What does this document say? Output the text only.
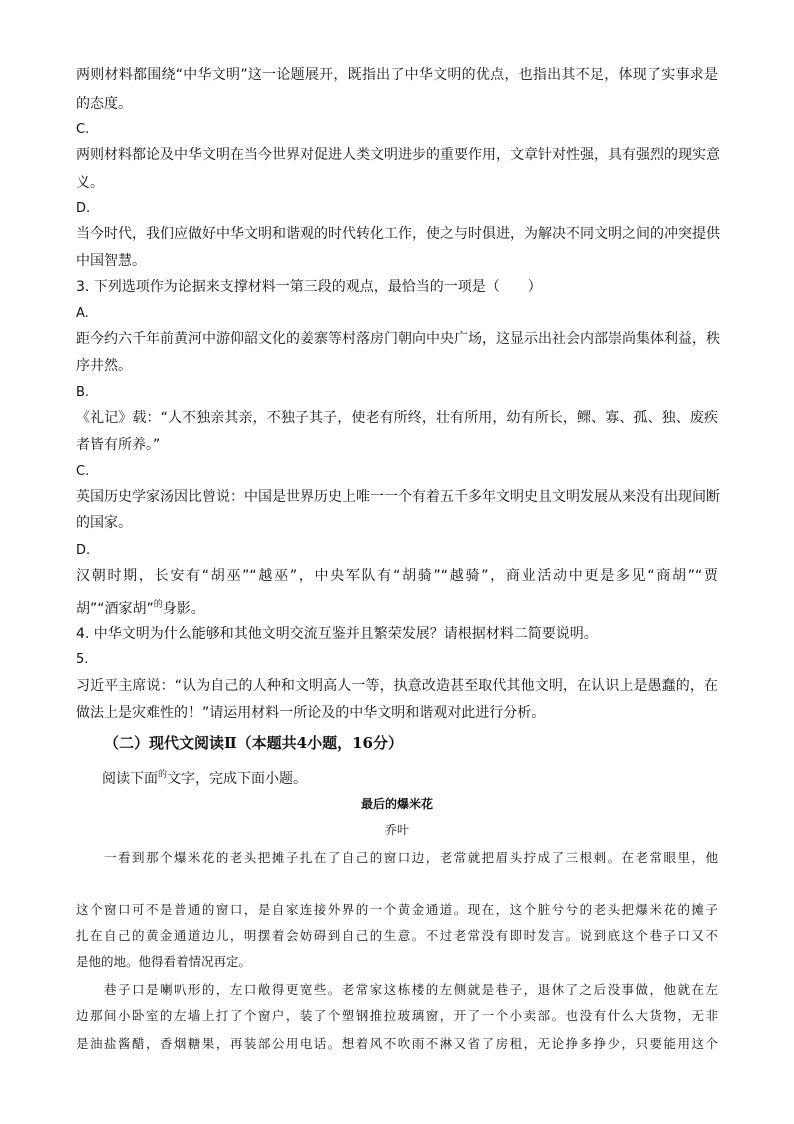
两则材料都围绕“中华文明”这一论题展开，既指出了中华文明的优点，也指出其不足，体现了实事求是
的态度。
C.
两则材料都论及中华文明在当今世界对促进人类文明进步的重要作用，文章针对性强，具有强烈的现实意
义。
D.
当今时代，我们应做好中华文明和谐观的时代转化工作，使之与时俱进，为解决不同文明之间的冲突提供
中国智慧。
3. 下列选项作为论据来支撑材料一第三段的观点，最恰当的一项是（　　）
A.
距今约六千年前黄河中游仰韶文化的姜寨等村落房门朝向中央广场，这显示出社会内部崇尚集体利益，秩
序井然。
B.
《礼记》载：“人不独亲其亲，不独子其子，使老有所终，壮有所用，幼有所长，鳏、寡、孤、独、废疾
者皆有所养。”
C.
英国历史学家汤因比曾说：中国是世界历史上唯一一个有着五千多年文明史且文明发展从来没有出现间断
的国家。
D.
汉朝时期，长安有“胡巫”“越巫”，中央军队有“胡骑”“越骑”，商业活动中更是多见“商胡”“贾
胡”“酒家胡”$^的$身影。
4. 中华文明为什么能够和其他文明交流互鉴并且繁荣发展？请根据材料二简要说明。
5.
习近平主席说：“认为自己的人种和文明高人一等，执意改造甚至取代其他文明，在认识上是愚蠢的，在
做法上是灾难性的！”请运用材料一所论及的中华文明和谐观对此进行分析。
（二）现代文阅读Ⅱ（本题共4小题，16分）
阅读下面$^的$文字，完成下面小题。
最后的爆米花
乔叶
一看到那个爆米花的老头把摊子扎在了自己的窗口边，老常就把眉头拧成了三根刺。在老常眼里，他
这个窗口可不是普通的窗口，是自家连接外界的一个黄金通道。现在，这个脏兮兮的老头把爆米花的摊子
扎在自己的黄金通道边儿，明摆着会妨碍到自己的生意。不过老常没有即时发言。说到底这个巷子口又不
是他的地。他得看着情况再定。
巷子口是喇叭形的，左口敞得更宽些。老常家这栋楼的左侧就是巷子，退休了之后没事做，他就在左
边那间小卧室的左墙上打了个窗户，装了个塑钢推拉玻璃窗，开了一个小卖部。也没有什么大货物，无非
是油盐酱醋，香烟糖果，再装部公用电话。想着风不吹雨不淋又省了房租，无论挣多挣少，只要能用这个
